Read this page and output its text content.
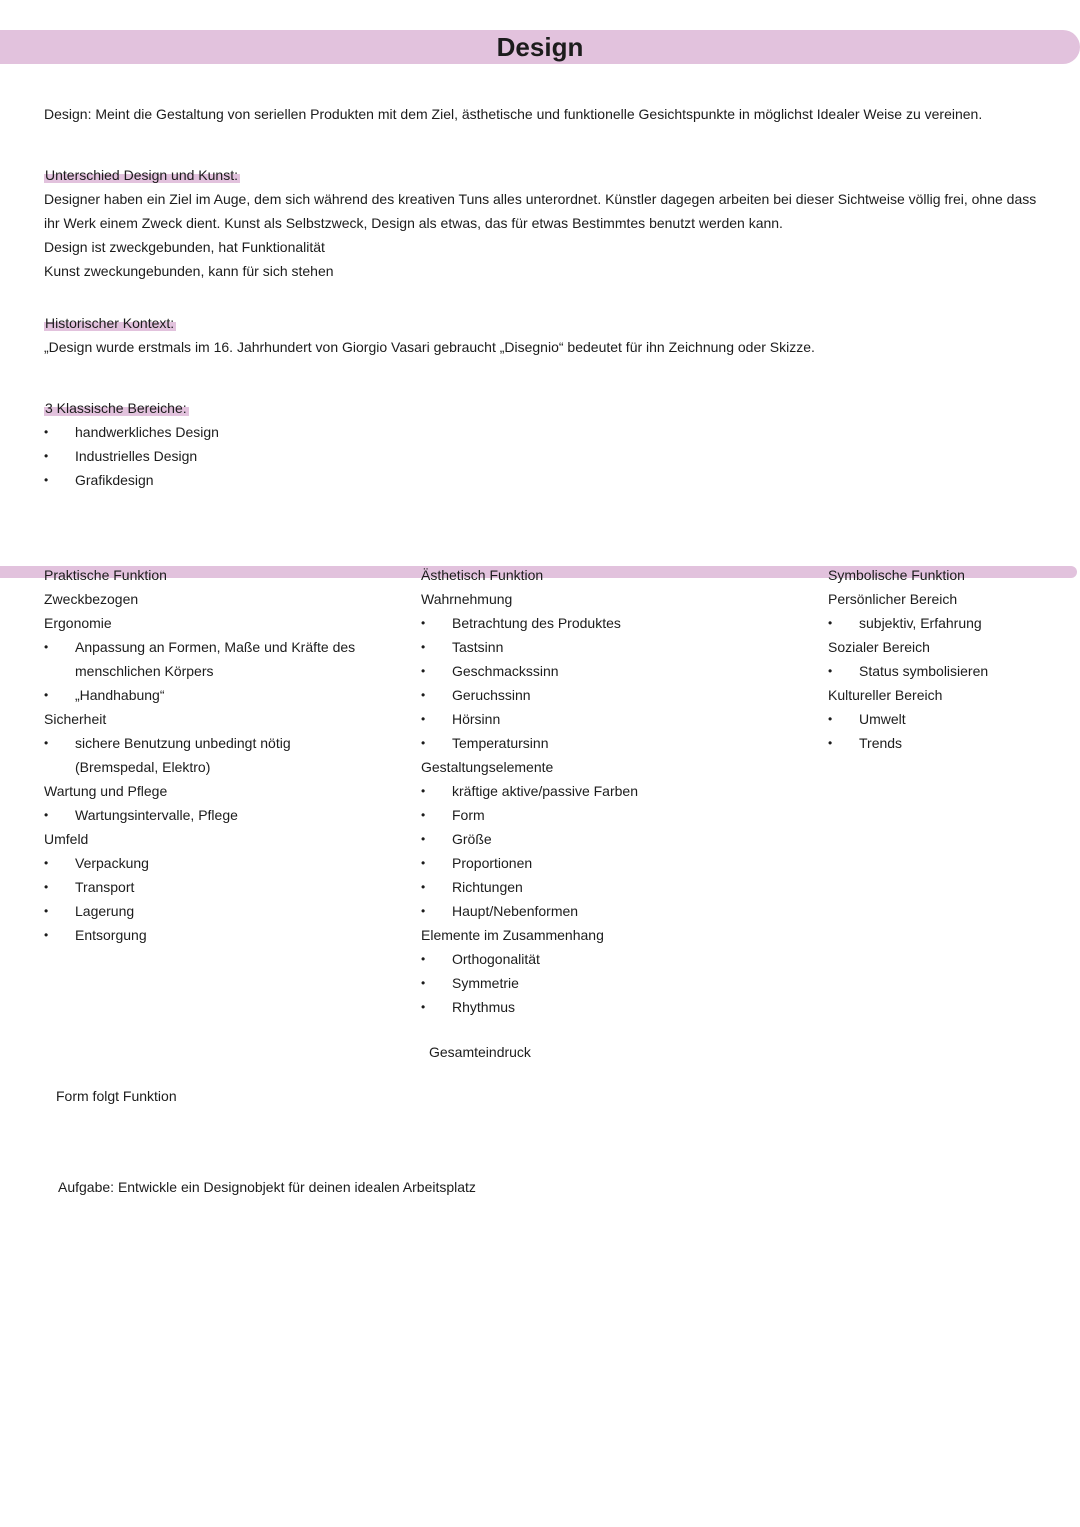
Design

Design: Meint die Gestaltung von seriellen Produkten mit dem Ziel, ästhetische und funktionelle Gesichtspunkte in möglichst Idealer Weise zu vereinen.

Unterschied Design und Kunst:

Designer haben ein Ziel im Auge, dem sich während des kreativen Tuns alles unterordnet. Künstler dagegen arbeiten bei dieser Sichtweise völlig frei, ohne dass ihr Werk einem Zweck dient. Kunst als Selbstzweck, Design als etwas, das für etwas Bestimmtes benutzt werden kann.

Design ist zweckgebunden, hat Funktionalität

Kunst zweckungebunden, kann für sich stehen

Historischer Kontext:

„Design wurde erstmals im 16. Jahrhundert von Giorgio Vasari gebraucht „Disegnio“ bedeutet für ihn Zeichnung oder Skizze.

3 Klassische Bereiche:

• handwerkliches Design
• Industrielles Design
• Grafikdesign
Praktische Funktion

Zweckbezogen

Ergonomie

• Anpassung an Formen, Maße und Kräfte des menschlichen Körpers
• „Handhabung“

Sicherheit

• sichere Benutzung unbedingt nötig (Bremspedal, Elektro)

Wartung und Pflege

• Wartungsintervalle, Pflege

Umfeld

• Verpackung
• Transport
• Lagerung
• Entsorgung
Ästhetisch Funktion

Wahrnehmung

• Betrachtung des Produktes
• Tastsinn
• Geschmackssinn
• Geruchssinn
• Hörsinn
• Temperatursinn

Gestaltungselemente

• kräftige aktive/passive Farben
• Form
• Größe
• Proportionen
• Richtungen
• Haupt/Nebenformen

Elemente im Zusammenhang

• Orthogonalität
• Symmetrie
• Rhythmus
Symbolische Funktion

Persönlicher Bereich

• subjektiv, Erfahrung

Sozialer Bereich

• Status symbolisieren

Kultureller Bereich

• Umwelt
• Trends

Gesamteindruck

Form folgt Funktion

Aufgabe: Entwickle ein Designobjekt für deinen idealen Arbeitsplatz
